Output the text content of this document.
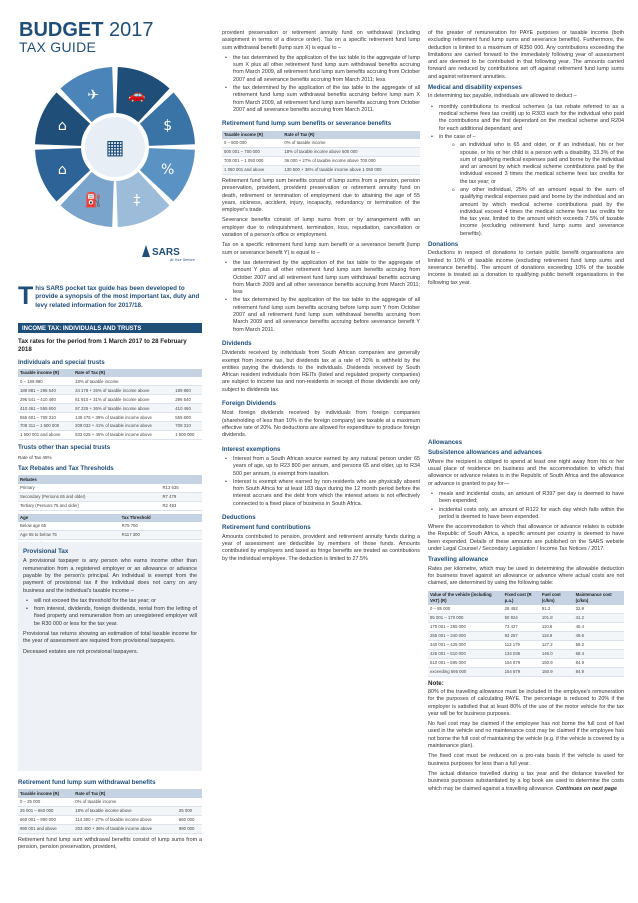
BUDGET 2017
TAX GUIDE
🚗
$
%
‡
⛽
⌂
⌂
✈
▦
SARS
At Your Service
This SARS pocket tax guide has been developed to provide a synopsis of the most important tax, duty and levy related information for 2017/18.
INCOME TAX: INDIVIDUALS AND TRUSTS
Tax rates for the period from 1 March 2017 to 28 February 2018
Individuals and special trusts
Taxable income (R)	Rate of Tax (R)	
0 – 189 880	18% of taxable income	
189 881 – 296 540	34 178 + 26% of taxable income above	189 880
296 541 – 410 460	61 910 + 31% of taxable income above	296 540
410 461 – 555 600	97 225 + 36% of taxable income above	410 460
555 601 – 708 310	149 475 + 39% of taxable income above	555 600
708 311 – 1 500 000	209 032 + 41% of taxable income above	708 310
1 500 001 and above	533 625 + 45% of taxable income above	1 500 000
Trusts other than special trusts

Rate of Tax 45%

Tax Rebates and Tax Thresholds
Rebates	
Primary	R13 635
Secondary (Persons 65 and older)	R7 479
Tertiary (Persons 75 and older)	R2 493
Age	Tax Threshold
Below age 65	R75 750
Age 65 to below 75	R117 300

Provisional Tax

A provisional taxpayer is any person who earns income other than remuneration from a registered employer or an allowance or advance payable by the person's principal. An individual is exempt from the payment of provisional tax if the individual does not carry on any business and the individual's taxable income –

• will not exceed the tax threshold for the tax year; or
• from interest, dividends, foreign dividends, rental from the letting of fixed property and remuneration from an unregistered employer will be R30 000 or less for the tax year.

Provisional tax returns showing an estimation of total taxable income for the year of assessment are required from provisional taxpayers.

Deceased estates are not provisional taxpayers.

Retirement fund lump sum withdrawal benefits
Taxable income (R)	Rate of Tax (R)	
0 – 25 000	0% of taxable income	
25 001 – 660 000	18% of taxable income above	25 000
660 001 – 990 000	114 300 + 27% of taxable income above	660 000
990 001 and above	203 400 + 36% of taxable income above	990 000

Retirement fund lump sum withdrawal benefits consist of lump sums from a pension, pension preservation, provident,

provident preservation or retirement annuity fund on withdrawal (including assignment in terms of a divorce order). Tax on a specific retirement fund lump sum withdrawal benefit (lump sum X) is equal to –

• the tax determined by the application of the tax table to the aggregate of lump sum X plus all other retirement fund lump sum withdrawal benefits accruing from March 2009, all retirement fund lump sum benefits accruing from October 2007 and all severance benefits accruing from March 2011; less
• the tax determined by the application of the tax table to the aggregate of all retirement fund lump sum withdrawal benefits accruing before lump sum X from March 2009, all retirement fund lump sum benefits accruing from October 2007 and all severance benefits accruing from March 2011.
Retirement fund lump sum benefits or severance benefits
Taxable income (R)	Rate of Tax (R)
0 – 500 000	0% of taxable income
500 001 – 700 000	18% of taxable income above 500 000
700 001 – 1 050 000	36 000 + 27% of taxable income above 700 000
1 050 001 and above	130 500 + 36% of taxable income above 1 050 000

Retirement fund lump sum benefits consist of lump sums from a pension, pension preservation, provident, provident preservation or retirement annuity fund on death, retirement or termination of employment due to attaining the age of 55 years, sickness, accident, injury, incapacity, redundancy or termination of the employer's trade.

Severance benefits consist of lump sums from or by arrangement with an employer due to relinquishment, termination, loss, repudiation, cancellation or variation of a person's office or employment.

Tax on a specific retirement fund lump sum benefit or a severance benefit (lump sum or severance benefit Y) is equal to –

• the tax determined by the application of the tax table to the aggregate of amount Y plus all other retirement fund lump sum benefits accruing from October 2007 and all retirement fund lump sum withdrawal benefits accruing from March 2009 and all other severance benefits accruing from March 2011; less
• the tax determined by the application of the tax table to the aggregate of all retirement fund lump sum benefits accruing before lump sum Y from October 2007 and all retirement fund lump sum withdrawal benefits accruing from March 2009 and all severance benefits accruing before severance benefit Y from March 2011.
Dividends

Dividends received by individuals from South African companies are generally exempt from income tax, but dividends tax at a rate of 20% is withheld by the entities paying the dividends to the individuals. Dividends received by South African resident individuals from REITs (listed and regulated property companies) are subject to income tax and non-residents in receipt of those dividends are only subject to dividends tax.

Foreign Dividends

Most foreign dividends received by individuals from foreign companies (shareholding of less than 10% in the foreign company) are taxable at a maximum effective rate of 20%. No deductions are allowed for expenditure to produce foreign dividends.

Interest exemptions
• Interest from a South African source earned by any natural person under 65 years of age, up to R23 800 per annum, and persons 65 and older, up to R34 500 per annum, is exempt from taxation.
• Interest is exempt where earned by non-residents who are physically absent from South Africa for at least 183 days during the 12 month period before the interest accrues and the debt from which the interest arises is not effectively connected to a fixed place of business in South Africa.
Deductions
Retirement fund contributions

Amounts contributed to pension, provident and retirement annuity funds during a year of assessment are deductible by members of those funds. Amounts contributed by employers and taxed as fringe benefits are treated as contributions by the individual employee. The deduction is limited to 27.5%

of the greater of remuneration for PAYE purposes or taxable income (both excluding retirement fund lump sums and severance benefits). Furthermore, the deduction is limited to a maximum of R350 000. Any contributions exceeding the limitations are carried forward to the immediately following year of assessment and are deemed to be contributed in that following year. The amounts carried forward are reduced by contributions set off against retirement fund lump sums and against retirement annuities.

Medical and disability expenses

In determining tax payable, individuals are allowed to deduct –

• monthly contributions to medical schemes (a tax rebate referred to as a medical scheme fees tax credit) up to R303 each for the individual who paid the contributions and the first dependant on the medical scheme and R204 for each additional dependant; and
• in the case of –
o an individual who is 65 and older, or if an individual, his or her spouse, or his or her child is a person with a disability, 33.3% of the sum of qualifying medical expenses paid and borne by the individual and an amount by which medical scheme contributions paid by the individual exceed 3 times the medical scheme fees tax credits for the tax year; or
o any other individual, 25% of an amount equal to the sum of qualifying medical expenses paid and borne by the individual and an amount by which medical scheme contributions paid by the individual exceed 4 times the medical scheme fees tax credits for the tax year, limited to the amount which exceeds 7.5% of taxable income (excluding retirement fund lump sums and severance benefits).
Donations

Deductions in respect of donations to certain public benefit organisations are limited to 10% of taxable income (excluding retirement fund lump sums and severance benefits). The amount of donations exceeding 10% of the taxable income is treated as a donation to qualifying public benefit organisations in the following tax year.

Allowances
Subsistence allowances and advances

Where the recipient is obliged to spend at least one night away from his or her usual place of residence on business and the accommodation to which that allowance or advance relates is in the Republic of South Africa and the allowance or advance is granted to pay for—

• meals and incidental costs, an amount of R397 per day is deemed to have been expended;
• incidental costs only, an amount of R122 for each day which falls within the period is deemed to have been expended.

Where the accommodation to which that allowance or advance relates is outside the Republic of South Africa, a specific amount per country is deemed to have been expended. Details of these amounts are published on the SARS website under Legal Counsel / Secondary Legislation / Income Tax Notices / 2017.

Travelling allowance

Rates per kilometre, which may be used in determining the allowable deduction for business travel against an allowance or advance where actual costs are not claimed, are determined by using the following table:

Value of the vehicle (including VAT) (R)	Fixed cost (R p.a.)	Fuel cost (c/km)	Maintenance cost (c/km)
0 – 85 000	28 492	91.2	32.9
85 001 – 170 000	50 924	101.8	41.2
170 001 – 255 000	73 427	110.6	45.4
255 001 – 340 000	93 267	118.9	49.6
340 001 – 425 000	113 179	127.2	58.2
425 001 – 510 000	134 035	146.0	68.4
510 001 – 595 000	154 879	150.9	84.9
exceeding 595 000	154 879	150.9	84.9
Note:

80% of the travelling allowance must be included in the employee's remuneration for the purposes of calculating PAYE. The percentage is reduced to 20% if the employer is satisfied that at least 80% of the use of the motor vehicle for the tax year will be for business purposes.

No fuel cost may be claimed if the employee has not borne the full cost of fuel used in the vehicle and no maintenance cost may be claimed if the employee has not borne the full cost of maintaining the vehicle (e.g. if the vehicle is covered by a maintenance plan).

The fixed cost must be reduced on a pro-rata basis if the vehicle is used for business purposes for less than a full year.

The actual distance travelled during a tax year and the distance travelled for business purposes substantiated by a log book are used to determine the costs which may be claimed against a travelling allowance. Continues on next page
